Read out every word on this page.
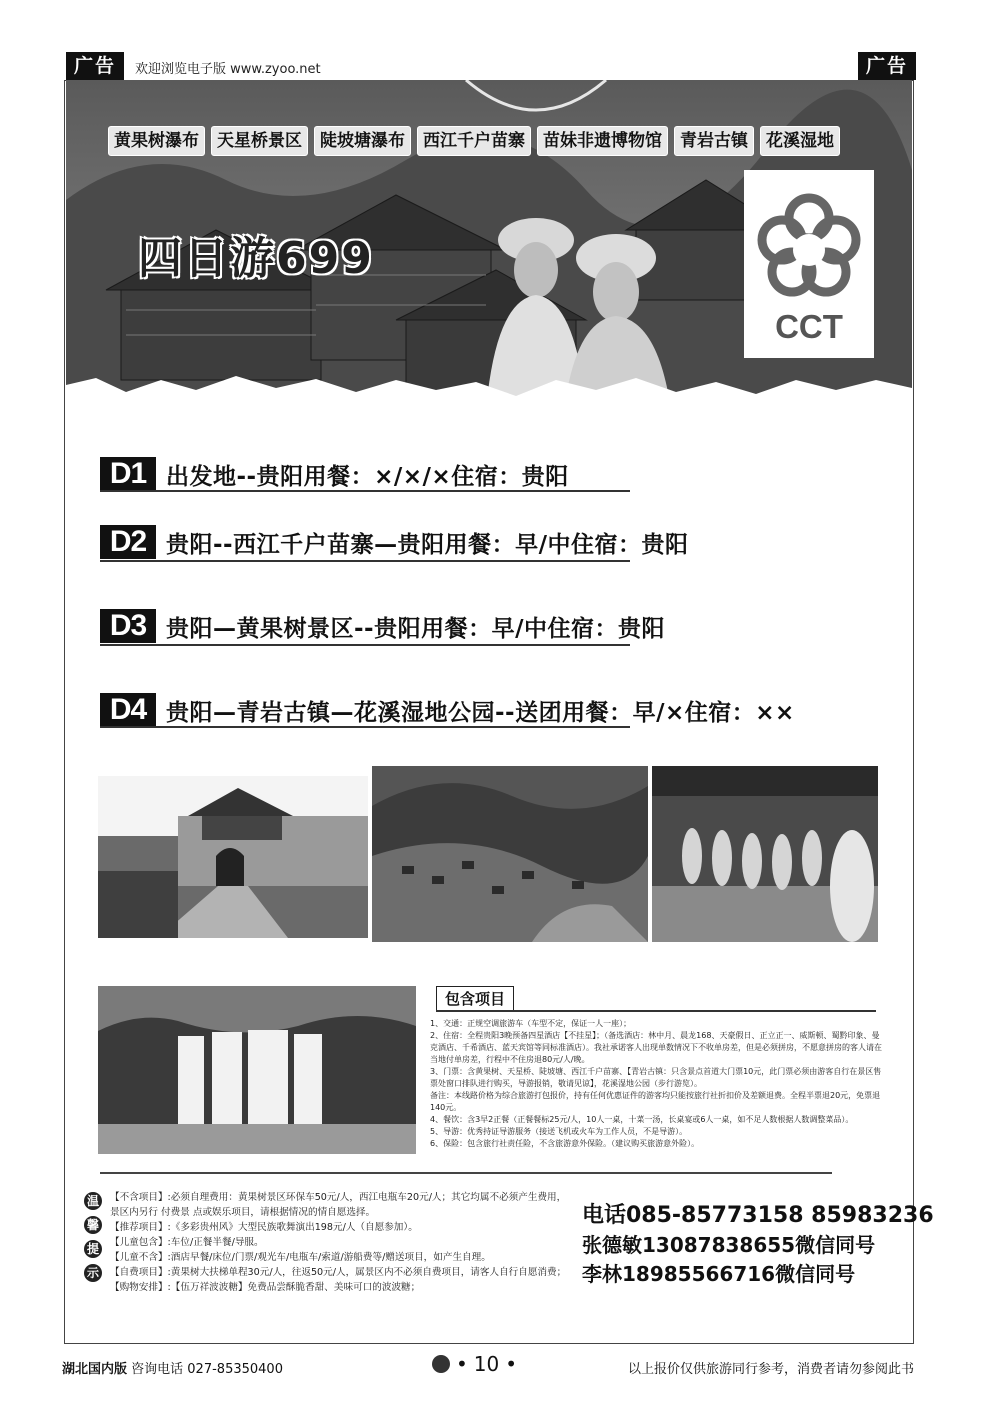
广告	欢迎浏览电子版 www.zyoo.net	广告
黄果树瀑布	天星桥景区	陡坡塘瀑布	西江千户苗寨	苗妹非遗博物馆	青岩古镇	花溪湿地
四日游699
CCT
D1 出发地--贵阳用餐：×/×/×住宿：贵阳
D2 贵阳--西江千户苗寨—贵阳用餐：早/中住宿：贵阳
D3 贵阳—黄果树景区--贵阳用餐：早/中住宿：贵阳
D4 贵阳—青岩古镇—花溪湿地公园--送团用餐：早/×住宿：××
包含项目

1、交通：正规空调旅游车（车型不定，保证一人一座）；

2、住宿：全程贵阳3晚预备四星酒店【不挂星】；（备选酒店：林中月、晨龙168、天豪假日、正立正一、威斯顿、蜀黔印象、曼克酒店、千希酒店、蓝天宾馆等同标准酒店）。我社承诺客人出现单数情况下不收单房差，但是必须拼房，不愿意拼房的客人请在当地付单房差，行程中不住房退80元/人/晚。

3、门票：含黄果树、天星桥、陡坡塘、西江千户苗寨、【青岩古镇：只含景点首道大门票10元，此门票必须由游客自行在景区售票处窗口排队进行购买，导游报销，敬请见谅】，花溪湿地公园（步行游览）。

备注：本线路价格为综合旅游打包报价，持有任何优惠证件的游客均只能按旅行社折扣价及差额退费。全程半票退20元，免票退140元。

4、餐饮：含3早2正餐（正餐餐标25元/人，10人一桌，十菜一汤，长桌宴或6人一桌，如不足人数根据人数调整菜品）。

5、导游：优秀持证导游服务（接送飞机或火车为工作人员，不是导游）。

6、保险：包含旅行社责任险，不含旅游意外保险。（建议购买旅游意外险）。

温
馨
提
示

【不含项目】:必须自理费用：黄果树景区环保车50元/人，西江电瓶车20元/人；其它均属不必须产生费用，景区内另行 付费景 点或娱乐项目，请根据情况的情自愿选择。

【推荐项目】:《多彩贵州风》大型民族歌舞演出198元/人（自愿参加）。

【儿童包含】:车位/正餐半餐/导服。

【儿童不含】:酒店早餐/床位/门票/观光车/电瓶车/索道/游船费等/赠送项目，如产生自理。

【自费项目】:黄果树大扶梯单程30元/人，往返50元/人，属景区内不必须自费项目，请客人自行自愿消费；

【购物安排】:【伍万祥波波糖】免费品尝酥脆香甜、美味可口的波波糖；

电话085-85773158 85983236
张德敏13087838655微信同号
李林18985566716微信同号
湖北国内版 咨询电话 027-85350400	• 10 •	以上报价仅供旅游同行参考，消费者请勿参阅此书
